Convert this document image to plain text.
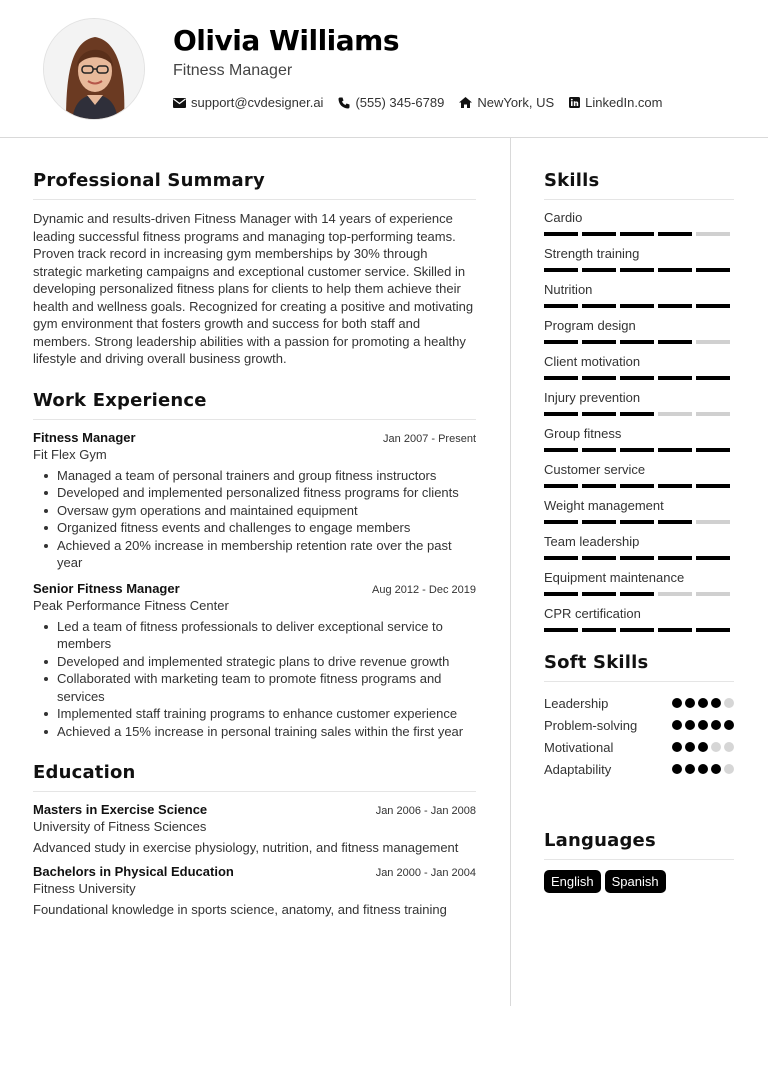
Olivia Williams
Fitness Manager
support@cvdesigner.ai (555) 345-6789	NewYork, US LinkedIn.com
Professional Summary

Dynamic and results-driven Fitness Manager with 14 years of experience leading successful fitness programs and managing top-performing teams. Proven track record in increasing gym memberships by 30% through strategic marketing campaigns and exceptional customer service. Skilled in developing personalized fitness plans for clients to help them achieve their health and wellness goals. Recognized for creating a positive and motivating gym environment that fosters growth and success for both staff and members. Strong leadership abilities with a passion for promoting a healthy lifestyle and driving overall business growth.

Work Experience
Fitness Manager	Jan 2007 - Present
Fit Flex Gym
Managed a team of personal trainers and group fitness instructors
Developed and implemented personalized fitness programs for clients
Oversaw gym operations and maintained equipment
Organized fitness events and challenges to engage members
Achieved a 20% increase in membership retention rate over the past year
Senior Fitness Manager	Aug 2012 - Dec 2019
Peak Performance Fitness Center
Led a team of fitness professionals to deliver exceptional service to members
Developed and implemented strategic plans to drive revenue growth
Collaborated with marketing team to promote fitness programs and services
Implemented staff training programs to enhance customer experience
Achieved a 15% increase in personal training sales within the first year
Education
Masters in Exercise Science	Jan 2006 - Jan 2008
University of Fitness Sciences
Advanced study in exercise physiology, nutrition, and fitness management
Bachelors in Physical Education	Jan 2000 - Jan 2004
Fitness University
Foundational knowledge in sports science, anatomy, and fitness training
Skills
Cardio
Strength training
Nutrition
Program design
Client motivation
Injury prevention
Group fitness
Customer service
Weight management
Team leadership
Equipment maintenance
CPR certification
Soft Skills
Leadership
Problem-solving
Motivational
Adaptability
Languages
English	Spanish
